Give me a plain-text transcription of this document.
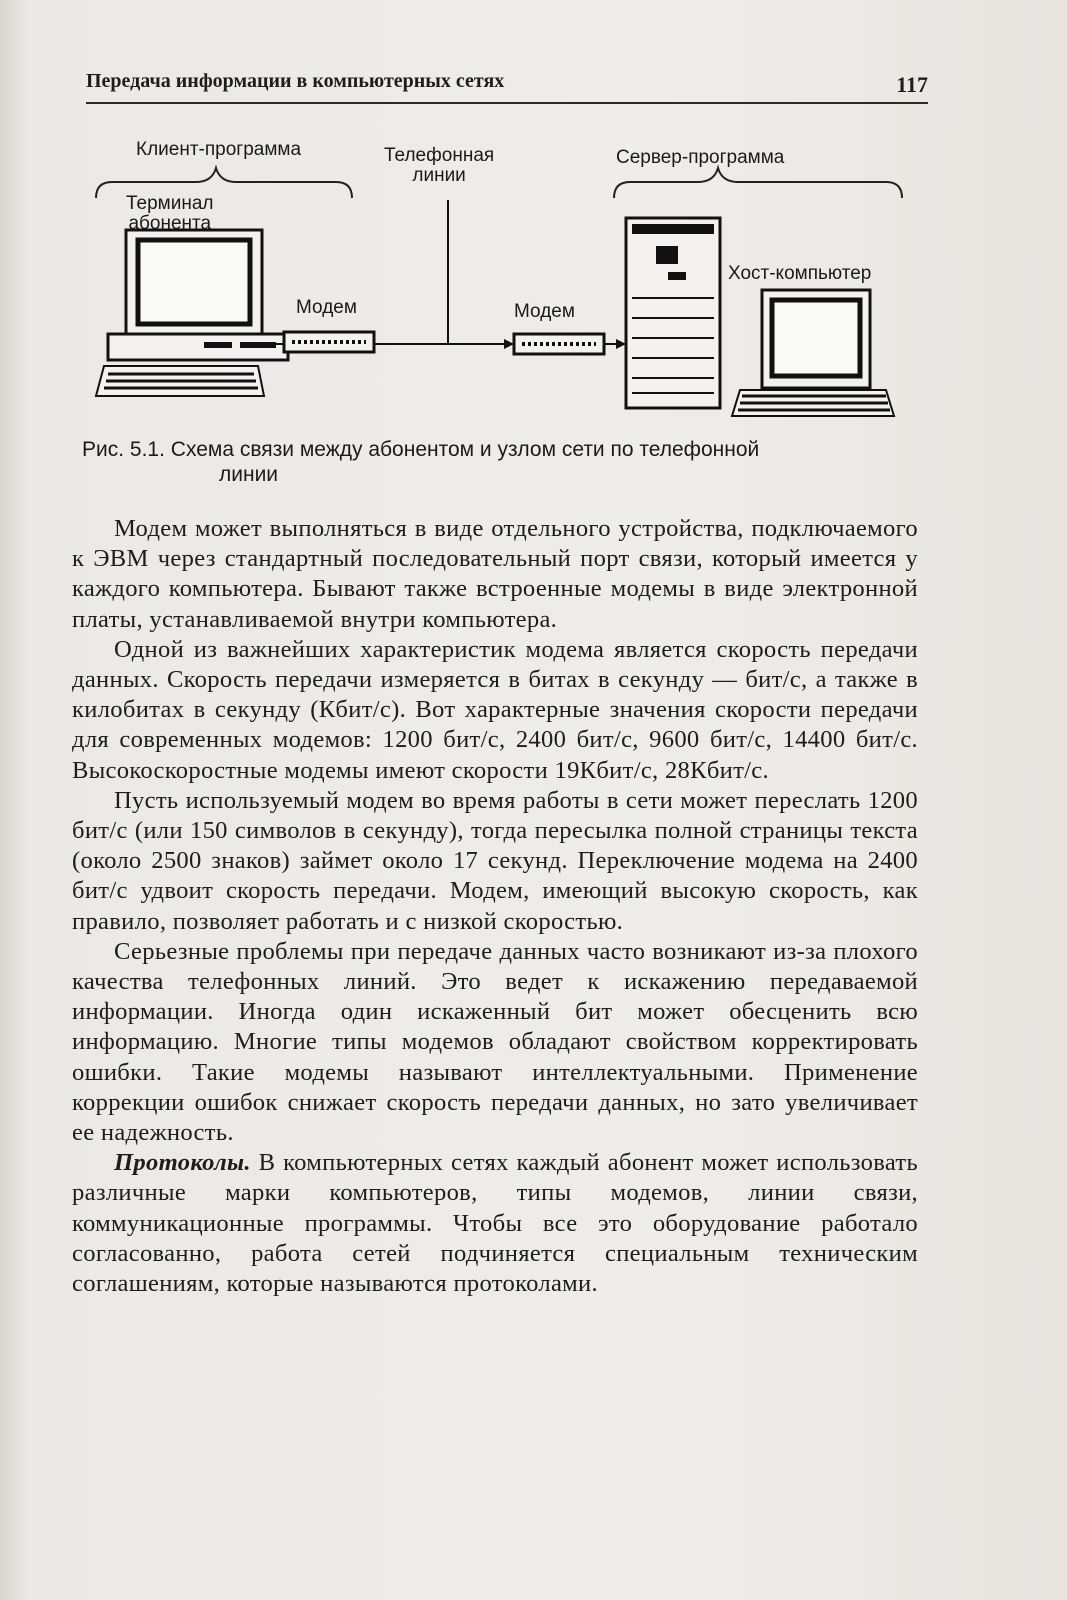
Передача информации в компьютерных сетях	117
Клиент-программа	Телефонная
линии
Сервер-программа
Терминал
абонента
Модем	Модем
Хост-компьютер
Рис. 5.1. Схема связи между абонентом и узлом сети по телефонной
линии

Модем может выполняться в виде отдельного устройства, подключаемого к ЭВМ через стандартный последовательный порт связи, который имеется у каждого компьютера. Бывают также встроенные модемы в виде электронной платы, устанавливаемой внутри компьютера.

Одной из важнейших характеристик модема является скорость передачи данных. Скорость передачи измеряется в битах в секунду — бит/с, а также в килобитах в секунду (Кбит/с). Вот характерные значения скорости передачи для современных модемов: 1200 бит/с, 2400 бит/с, 9600 бит/с, 14400 бит/с. Высокоскоростные модемы имеют скорости 19Кбит/с, 28Кбит/с.

Пусть используемый модем во время работы в сети может переслать 1200 бит/с (или 150 символов в секунду), тогда пересылка полной страницы текста (около 2500 знаков) займет около 17 секунд. Переключение модема на 2400 бит/с удвоит скорость передачи. Модем, имеющий высокую скорость, как правило, позволяет работать и с низкой скоростью.

Серьезные проблемы при передаче данных часто возникают из-за плохого качества телефонных линий. Это ведет к искажению передаваемой информации. Иногда один искаженный бит может обесценить всю информацию. Многие типы модемов обладают свойством корректировать ошибки. Такие модемы называют интеллектуальными. Применение коррекции ошибок снижает скорость передачи данных, но зато увеличивает ее надежность.

Протоколы. В компьютерных сетях каждый абонент может использовать различные марки компьютеров, типы модемов, линии связи, коммуникационные программы. Чтобы все это оборудование работало согласованно, работа сетей подчиняется специальным техническим соглашениям, которые называются протоколами.
